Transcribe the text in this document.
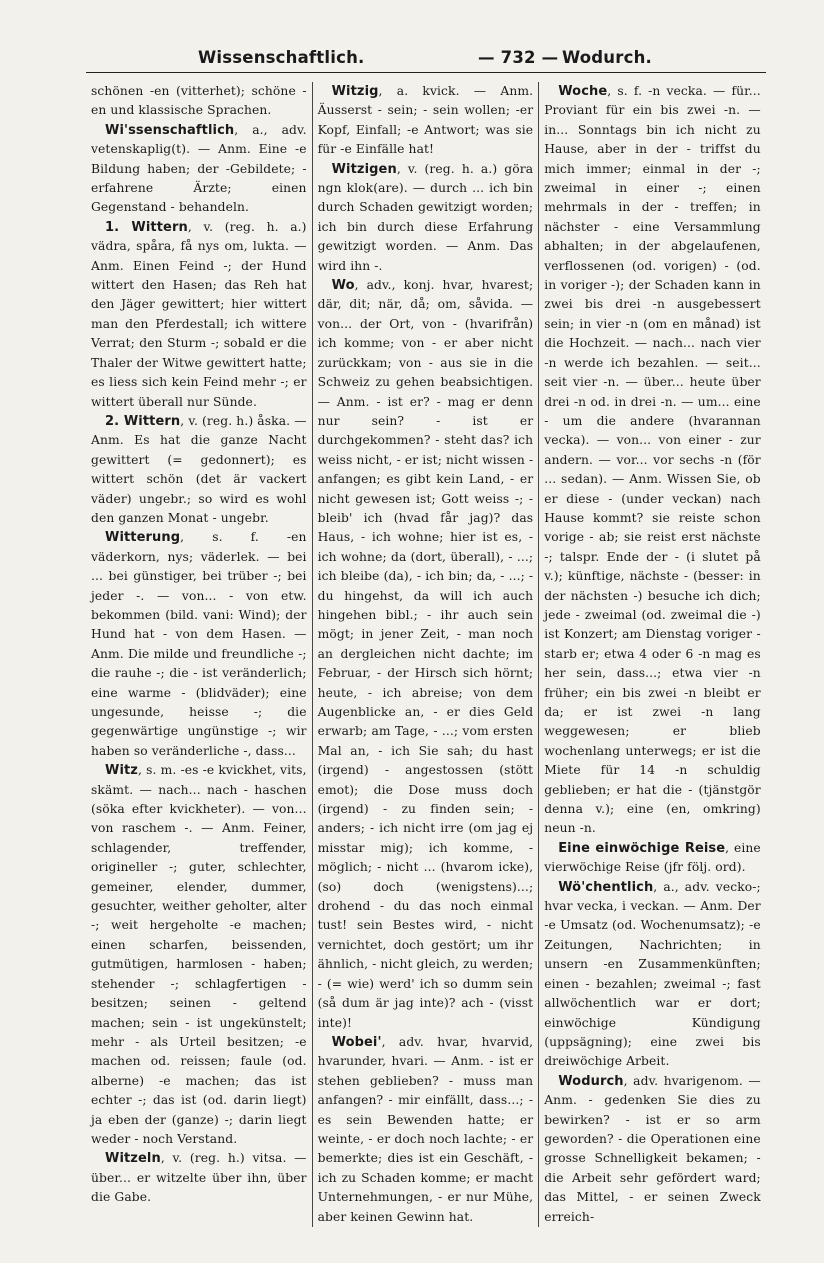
Wissenschaftlich.	— 732 — Wodurch.

schönen -en (vitterhet); schöne -en und klassische Sprachen.

Wi'ssenschaftlich, a., adv. vetenskaplig(t). — Anm. Eine -e Bildung haben; der -Gebildete; - erfahrene Ärzte; einen Gegenstand - behandeln.

1. Wittern, v. (reg. h. a.) vädra, spåra, få nys om, lukta. — Anm. Einen Feind -; der Hund wittert den Hasen; das Reh hat den Jäger gewittert; hier wittert man den Pferdestall; ich wittere Verrat; den Sturm -; sobald er die Thaler der Witwe gewittert hatte; es liess sich kein Feind mehr -; er wittert überall nur Sünde.

2. Wittern, v. (reg. h.) åska. — Anm. Es hat die ganze Nacht gewittert (= gedonnert); es wittert schön (det är vackert väder) ungebr.; so wird es wohl den ganzen Monat - ungebr.

Witterung, s. f. -en väderkorn, nys; väderlek. — bei ... bei günstiger, bei trüber -; bei jeder -. — von... - von etw. bekommen (bild. vani: Wind); der Hund hat - von dem Hasen. — Anm. Die milde und freundliche -; die rauhe -; die - ist veränderlich; eine warme - (blidväder); eine ungesunde, heisse -; die gegenwärtige ungünstige -; wir haben so veränderliche -, dass...

Witz, s. m. -es -e kvickhet, vits, skämt. — nach... nach - haschen (söka efter kvickheter). — von... von raschem -. — Anm. Feiner, schlagender, treffender, origineller -; guter, schlechter, gemeiner, elender, dummer, gesuchter, weither geholter, alter -; weit hergeholte -e machen; einen scharfen, beissenden, gutmütigen, harmlosen - haben; stehender -; schlagfertigen - besitzen; seinen - geltend machen; sein - ist ungekünstelt; mehr - als Urteil besitzen; -e machen od. reissen; faule (od. alberne) -e machen; das ist echter -; das ist (od. darin liegt) ja eben der (ganze) -; darin liegt weder - noch Verstand.

Witzeln, v. (reg. h.) vitsa. — über... er witzelte über ihn, über die Gabe.

Witzig, a. kvick. — Anm. Äusserst - sein; - sein wollen; -er Kopf, Einfall; -e Antwort; was sie für -e Einfälle hat!

Witzigen, v. (reg. h. a.) göra ngn klok(are). — durch ... ich bin durch Schaden gewitzigt worden; ich bin durch diese Erfahrung gewitzigt worden. — Anm. Das wird ihn -.

Wo, adv., konj. hvar, hvarest; där, dit; när, då; om, såvida. — von... der Ort, von - (hvarifrån) ich komme; von - er aber nicht zurückkam; von - aus sie in die Schweiz zu gehen beabsichtigen. — Anm. - ist er? - mag er denn nur sein? - ist er durchgekommen? - steht das? ich weiss nicht, - er ist; nicht wissen - anfangen; es gibt kein Land, - er nicht gewesen ist; Gott weiss -; - bleib' ich (hvad får jag)? das Haus, - ich wohne; hier ist es, - ich wohne; da (dort, überall), - ...; ich bleibe (da), - ich bin; da, - ...; - du hingehst, da will ich auch hingehen bibl.; - ihr auch sein mögt; in jener Zeit, - man noch an dergleichen nicht dachte; im Februar, - der Hirsch sich hörnt; heute, - ich abreise; von dem Augenblicke an, - er dies Geld erwarb; am Tage, - ...; vom ersten Mal an, - ich Sie sah; du hast (irgend) - angestossen (stött emot); die Dose muss doch (irgend) - zu finden sein; - anders; - ich nicht irre (om jag ej misstar mig); ich komme, - möglich; - nicht ... (hvarom icke), (so) doch (wenigstens)...; drohend - du das noch einmal tust! sein Bestes wird, - nicht vernichtet, doch gestört; um ihr ähnlich, - nicht gleich, zu werden; - (= wie) werd' ich so dumm sein (så dum är jag inte)? ach - (visst inte)!

Wobei', adv. hvar, hvarvid, hvarunder, hvari. — Anm. - ist er stehen geblieben? - muss man anfangen? - mir einfällt, dass...; - es sein Bewenden hatte; er weinte, - er doch noch lachte; - er bemerkte; dies ist ein Geschäft, - ich zu Schaden komme; er macht Unternehmungen, - er nur Mühe, aber keinen Gewinn hat.

Woche, s. f. -n vecka. — für... Proviant für ein bis zwei -n. — in... Sonntags bin ich nicht zu Hause, aber in der - triffst du mich immer; einmal in der -; zweimal in einer -; einen mehrmals in der - treffen; in nächster - eine Versammlung abhalten; in der abgelaufenen, verflossenen (od. vorigen) - (od. in voriger -); der Schaden kann in zwei bis drei -n ausgebessert sein; in vier -n (om en månad) ist die Hochzeit. — nach... nach vier -n werde ich bezahlen. — seit... seit vier -n. — über... heute über drei -n od. in drei -n. — um... eine - um die andere (hvarannan vecka). — von... von einer - zur andern. — vor... vor sechs -n (för ... sedan). — Anm. Wissen Sie, ob er diese - (under veckan) nach Hause kommt? sie reiste schon vorige - ab; sie reist erst nächste -; talspr. Ende der - (i slutet på v.); künftige, nächste - (besser: in der nächsten -) besuche ich dich; jede - zweimal (od. zweimal die -) ist Konzert; am Dienstag voriger - starb er; etwa 4 oder 6 -n mag es her sein, dass...; etwa vier -n früher; ein bis zwei -n bleibt er da; er ist zwei -n lang weggewesen; er blieb wochenlang unterwegs; er ist die Miete für 14 -n schuldig geblieben; er hat die - (tjänstgör denna v.); eine (en, omkring) neun -n.

Eine einwöchige Reise, eine vierwöchige Reise (jfr följ. ord).

Wö'chentlich, a., adv. vecko-; hvar vecka, i veckan. — Anm. Der -e Umsatz (od. Wochenumsatz); -e Zeitungen, Nachrichten; in unsern -en Zusammenkünften; einen - bezahlen; zweimal -; fast allwöchentlich war er dort; einwöchige Kündigung (uppsägning); eine zwei bis dreiwöchige Arbeit.

Wodurch, adv. hvarigenom. — Anm. - gedenken Sie dies zu bewirken? - ist er so arm geworden? - die Operationen eine grosse Schnelligkeit bekamen; - die Arbeit sehr gefördert ward; das Mittel, - er seinen Zweck erreich-
